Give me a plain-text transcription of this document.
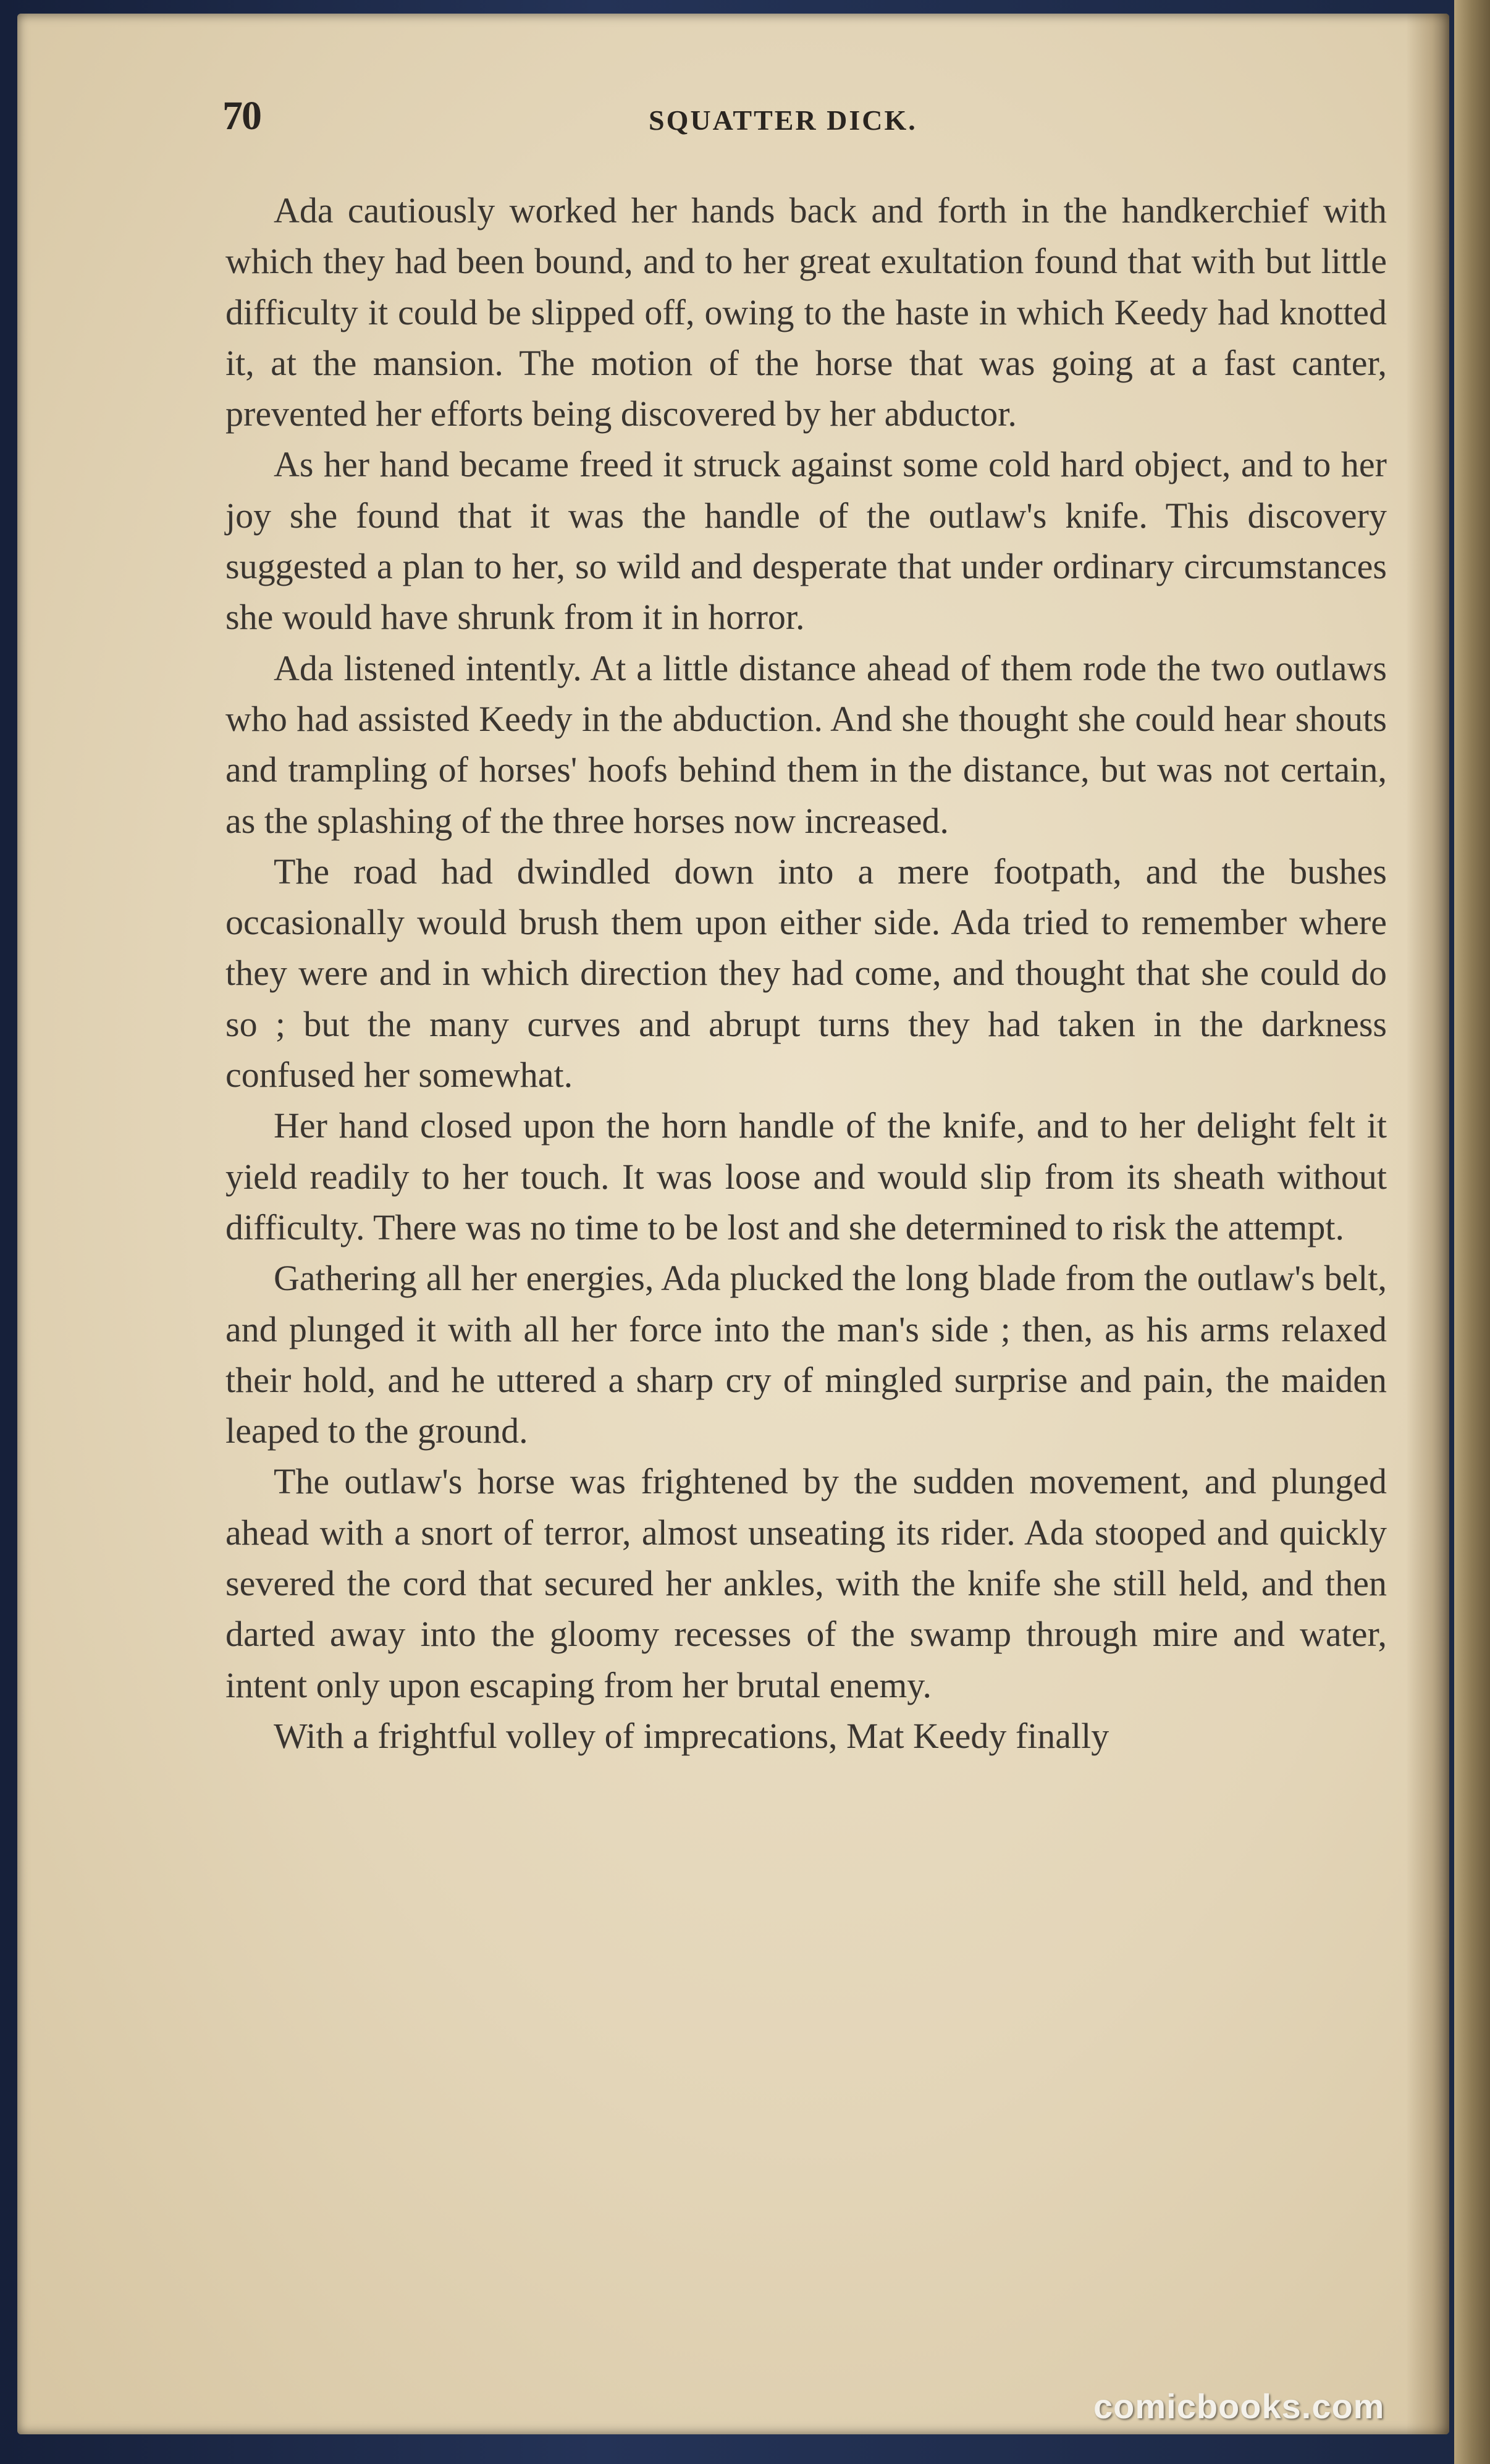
70	SQUATTER DICK.

Ada cautiously worked her hands back and forth in the handkerchief with which they had been bound, and to her great exultation found that with but little difficulty it could be slipped off, owing to the haste in which Keedy had knotted it, at the mansion. The motion of the horse that was going at a fast canter, prevented her efforts being discovered by her abductor.

As her hand became freed it struck against some cold hard object, and to her joy she found that it was the handle of the outlaw's knife. This discovery suggested a plan to her, so wild and desperate that under ordinary circumstances she would have shrunk from it in horror.

Ada listened intently. At a little distance ahead of them rode the two outlaws who had assisted Keedy in the abduction. And she thought she could hear shouts and trampling of horses' hoofs behind them in the distance, but was not certain, as the splashing of the three horses now increased.

The road had dwindled down into a mere footpath, and the bushes occasionally would brush them upon either side. Ada tried to remember where they were and in which direction they had come, and thought that she could do so ; but the many curves and abrupt turns they had taken in the darkness confused her somewhat.

Her hand closed upon the horn handle of the knife, and to her delight felt it yield readily to her touch. It was loose and would slip from its sheath without difficulty. There was no time to be lost and she determined to risk the attempt.

Gathering all her energies, Ada plucked the long blade from the outlaw's belt, and plunged it with all her force into the man's side ; then, as his arms relaxed their hold, and he uttered a sharp cry of mingled surprise and pain, the maiden leaped to the ground.

The outlaw's horse was frightened by the sudden movement, and plunged ahead with a snort of terror, almost unseating its rider. Ada stooped and quickly severed the cord that secured her ankles, with the knife she still held, and then darted away into the gloomy recesses of the swamp through mire and water, intent only upon escaping from her brutal enemy.

With a frightful volley of imprecations, Mat Keedy finally

comicbooks.com
